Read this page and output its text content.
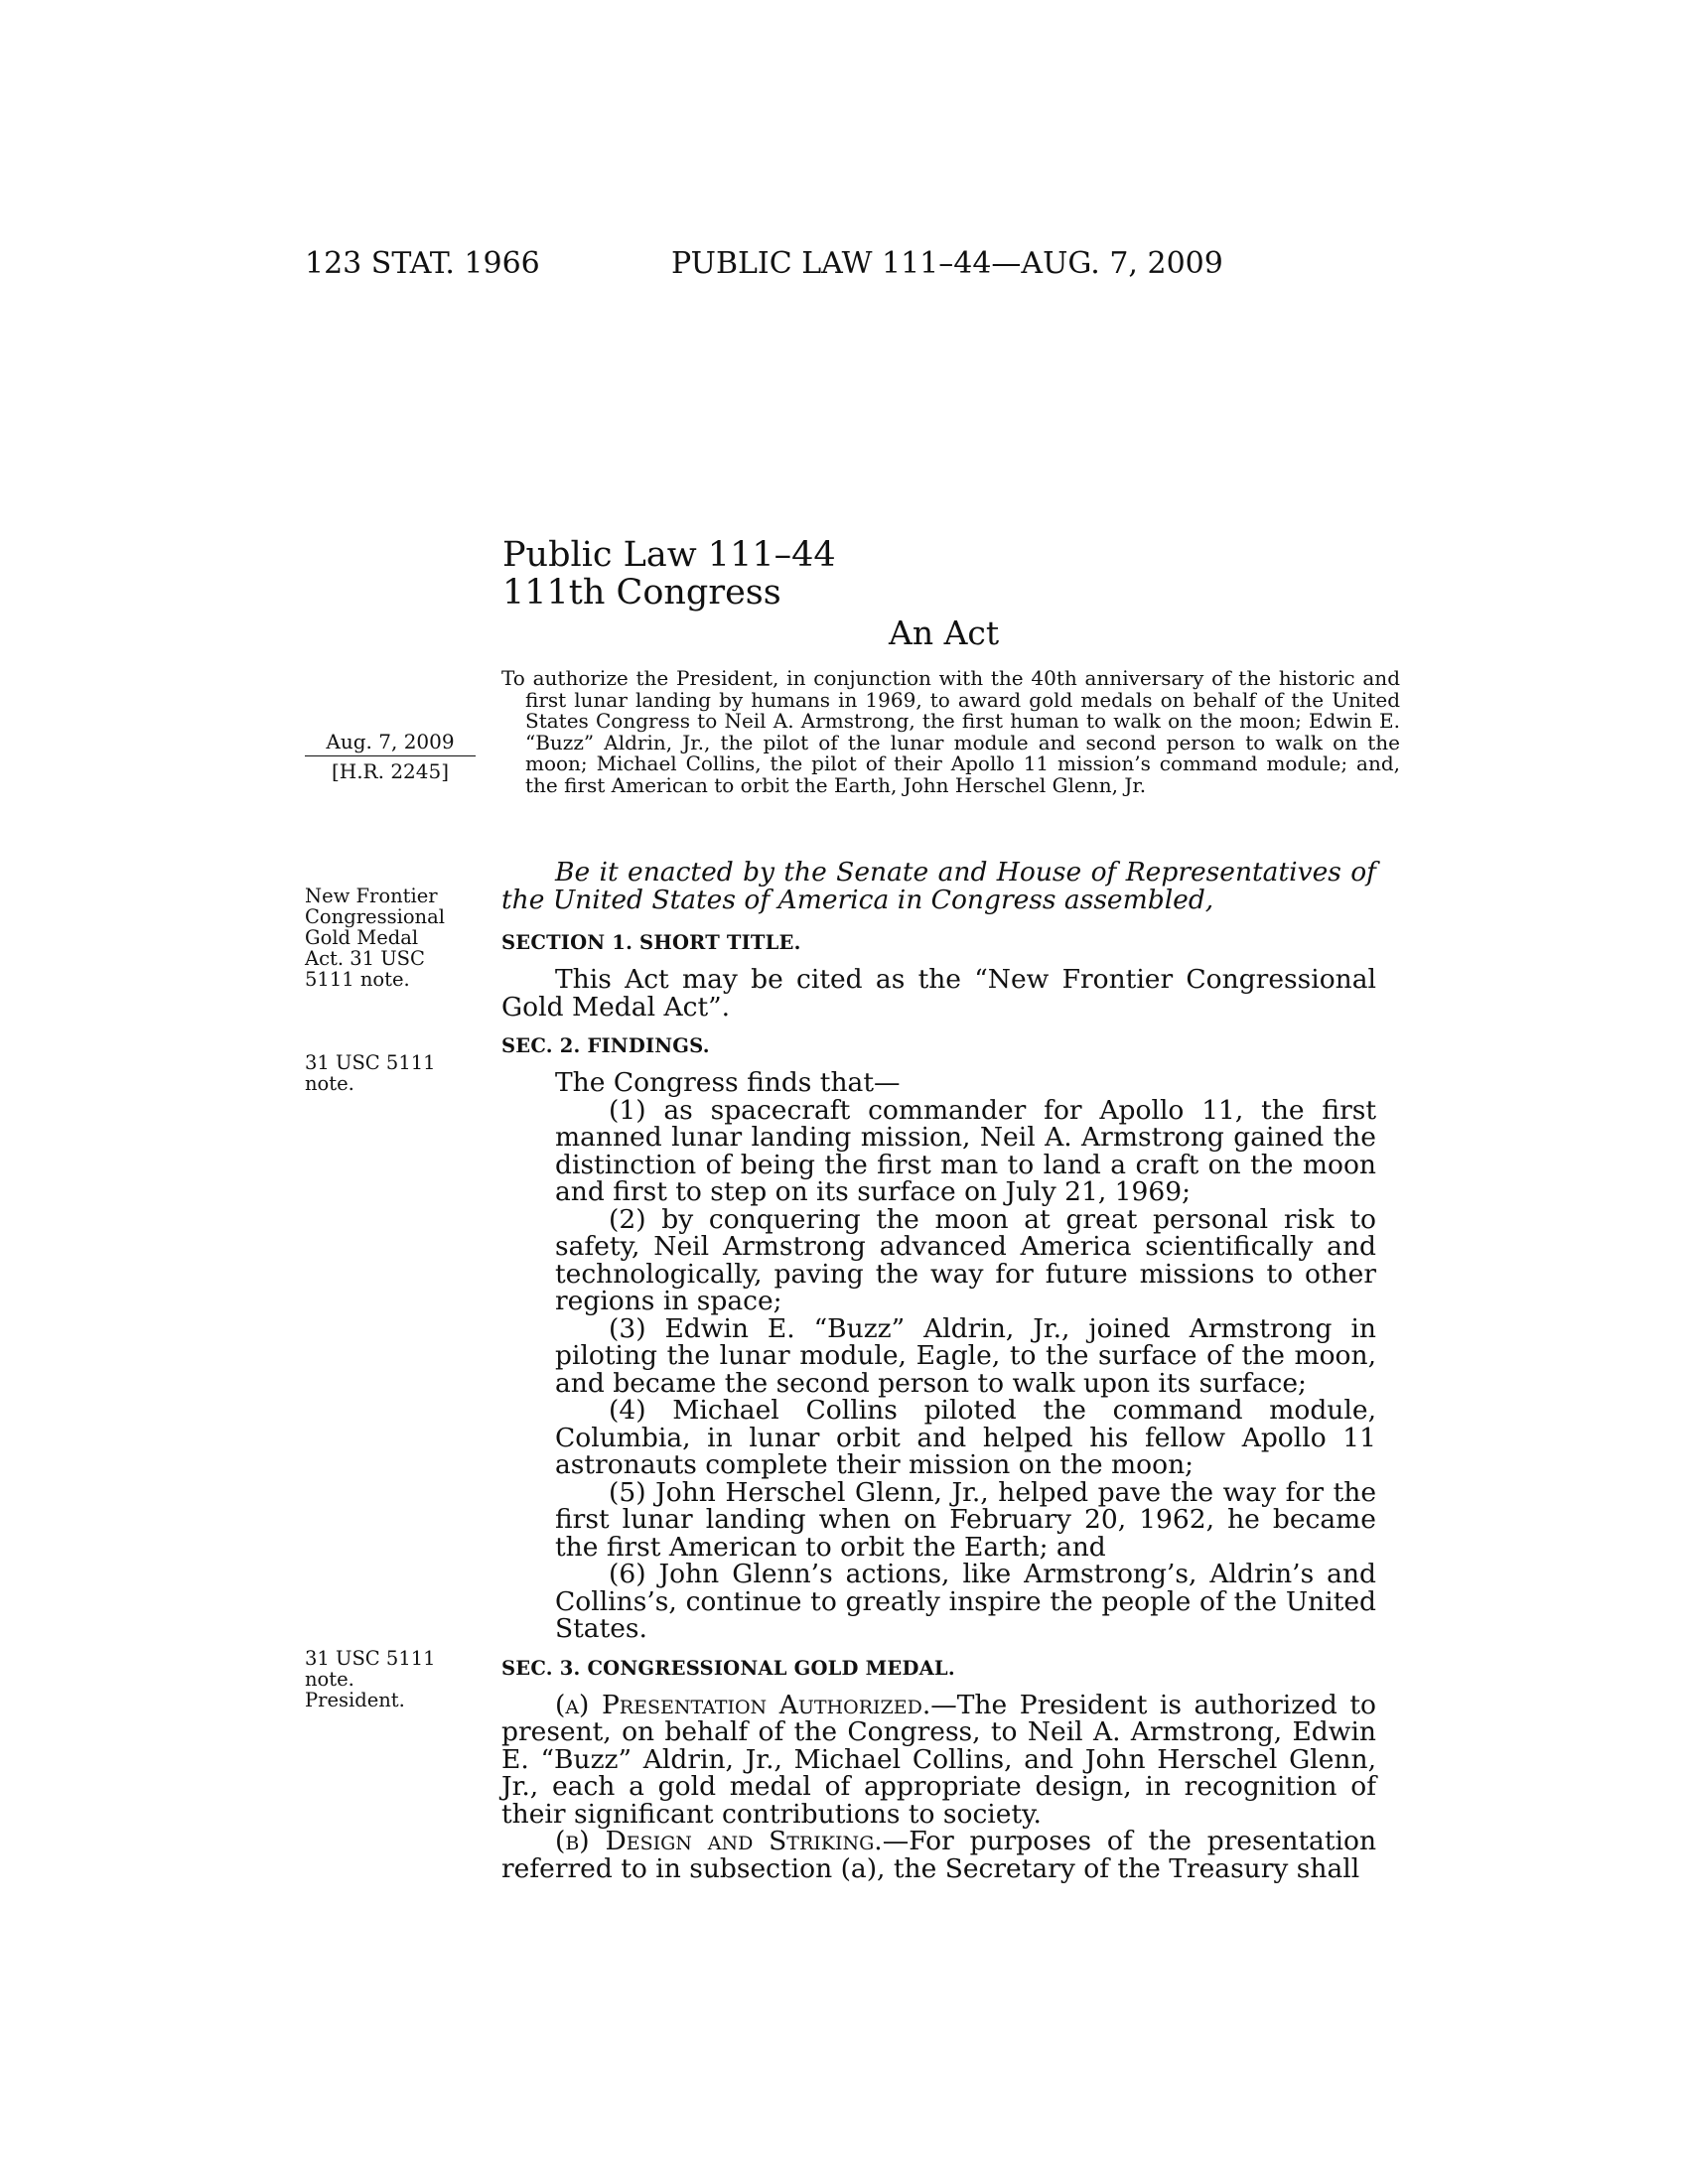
123 STAT. 1966	PUBLIC LAW 111–44—AUG. 7, 2009
Public Law 111–44
111th Congress
An Act
To authorize the President, in conjunction with the 40th anniversary of the historic and first lunar landing by humans in 1969, to award gold medals on behalf of the United States Congress to Neil A. Armstrong, the first human to walk on the moon; Edwin E. “Buzz” Aldrin, Jr., the pilot of the lunar module and second person to walk on the moon; Michael Collins, the pilot of their Apollo 11 mission’s command module; and, the first American to orbit the Earth, John Herschel Glenn, Jr.
Aug. 7, 2009
[H.R. 2245]
New Frontier Congressional Gold Medal Act. 31 USC 5111 note.
31 USC 5111 note.
31 USC 5111 note. President.

Be it enacted by the Senate and House of Representatives of the United States of America in Congress assembled,

SECTION 1. SHORT TITLE.

This Act may be cited as the “New Frontier Congressional Gold Medal Act”.

SEC. 2. FINDINGS.

The Congress finds that—

(1) as spacecraft commander for Apollo 11, the first manned lunar landing mission, Neil A. Armstrong gained the distinction of being the first man to land a craft on the moon and first to step on its surface on July 21, 1969;

(2) by conquering the moon at great personal risk to safety, Neil Armstrong advanced America scientifically and technologically, paving the way for future missions to other regions in space;

(3) Edwin E. “Buzz” Aldrin, Jr., joined Armstrong in piloting the lunar module, Eagle, to the surface of the moon, and became the second person to walk upon its surface;

(4) Michael Collins piloted the command module, Columbia, in lunar orbit and helped his fellow Apollo 11 astronauts complete their mission on the moon;

(5) John Herschel Glenn, Jr., helped pave the way for the first lunar landing when on February 20, 1962, he became the first American to orbit the Earth; and

(6) John Glenn’s actions, like Armstrong’s, Aldrin’s and Collins’s, continue to greatly inspire the people of the United States.

SEC. 3. CONGRESSIONAL GOLD MEDAL.

(a) Presentation Authorized.—The President is authorized to present, on behalf of the Congress, to Neil A. Armstrong, Edwin E. “Buzz” Aldrin, Jr., Michael Collins, and John Herschel Glenn, Jr., each a gold medal of appropriate design, in recognition of their significant contributions to society.

(b) Design and Striking.—For purposes of the presentation referred to in subsection (a), the Secretary of the Treasury shall
